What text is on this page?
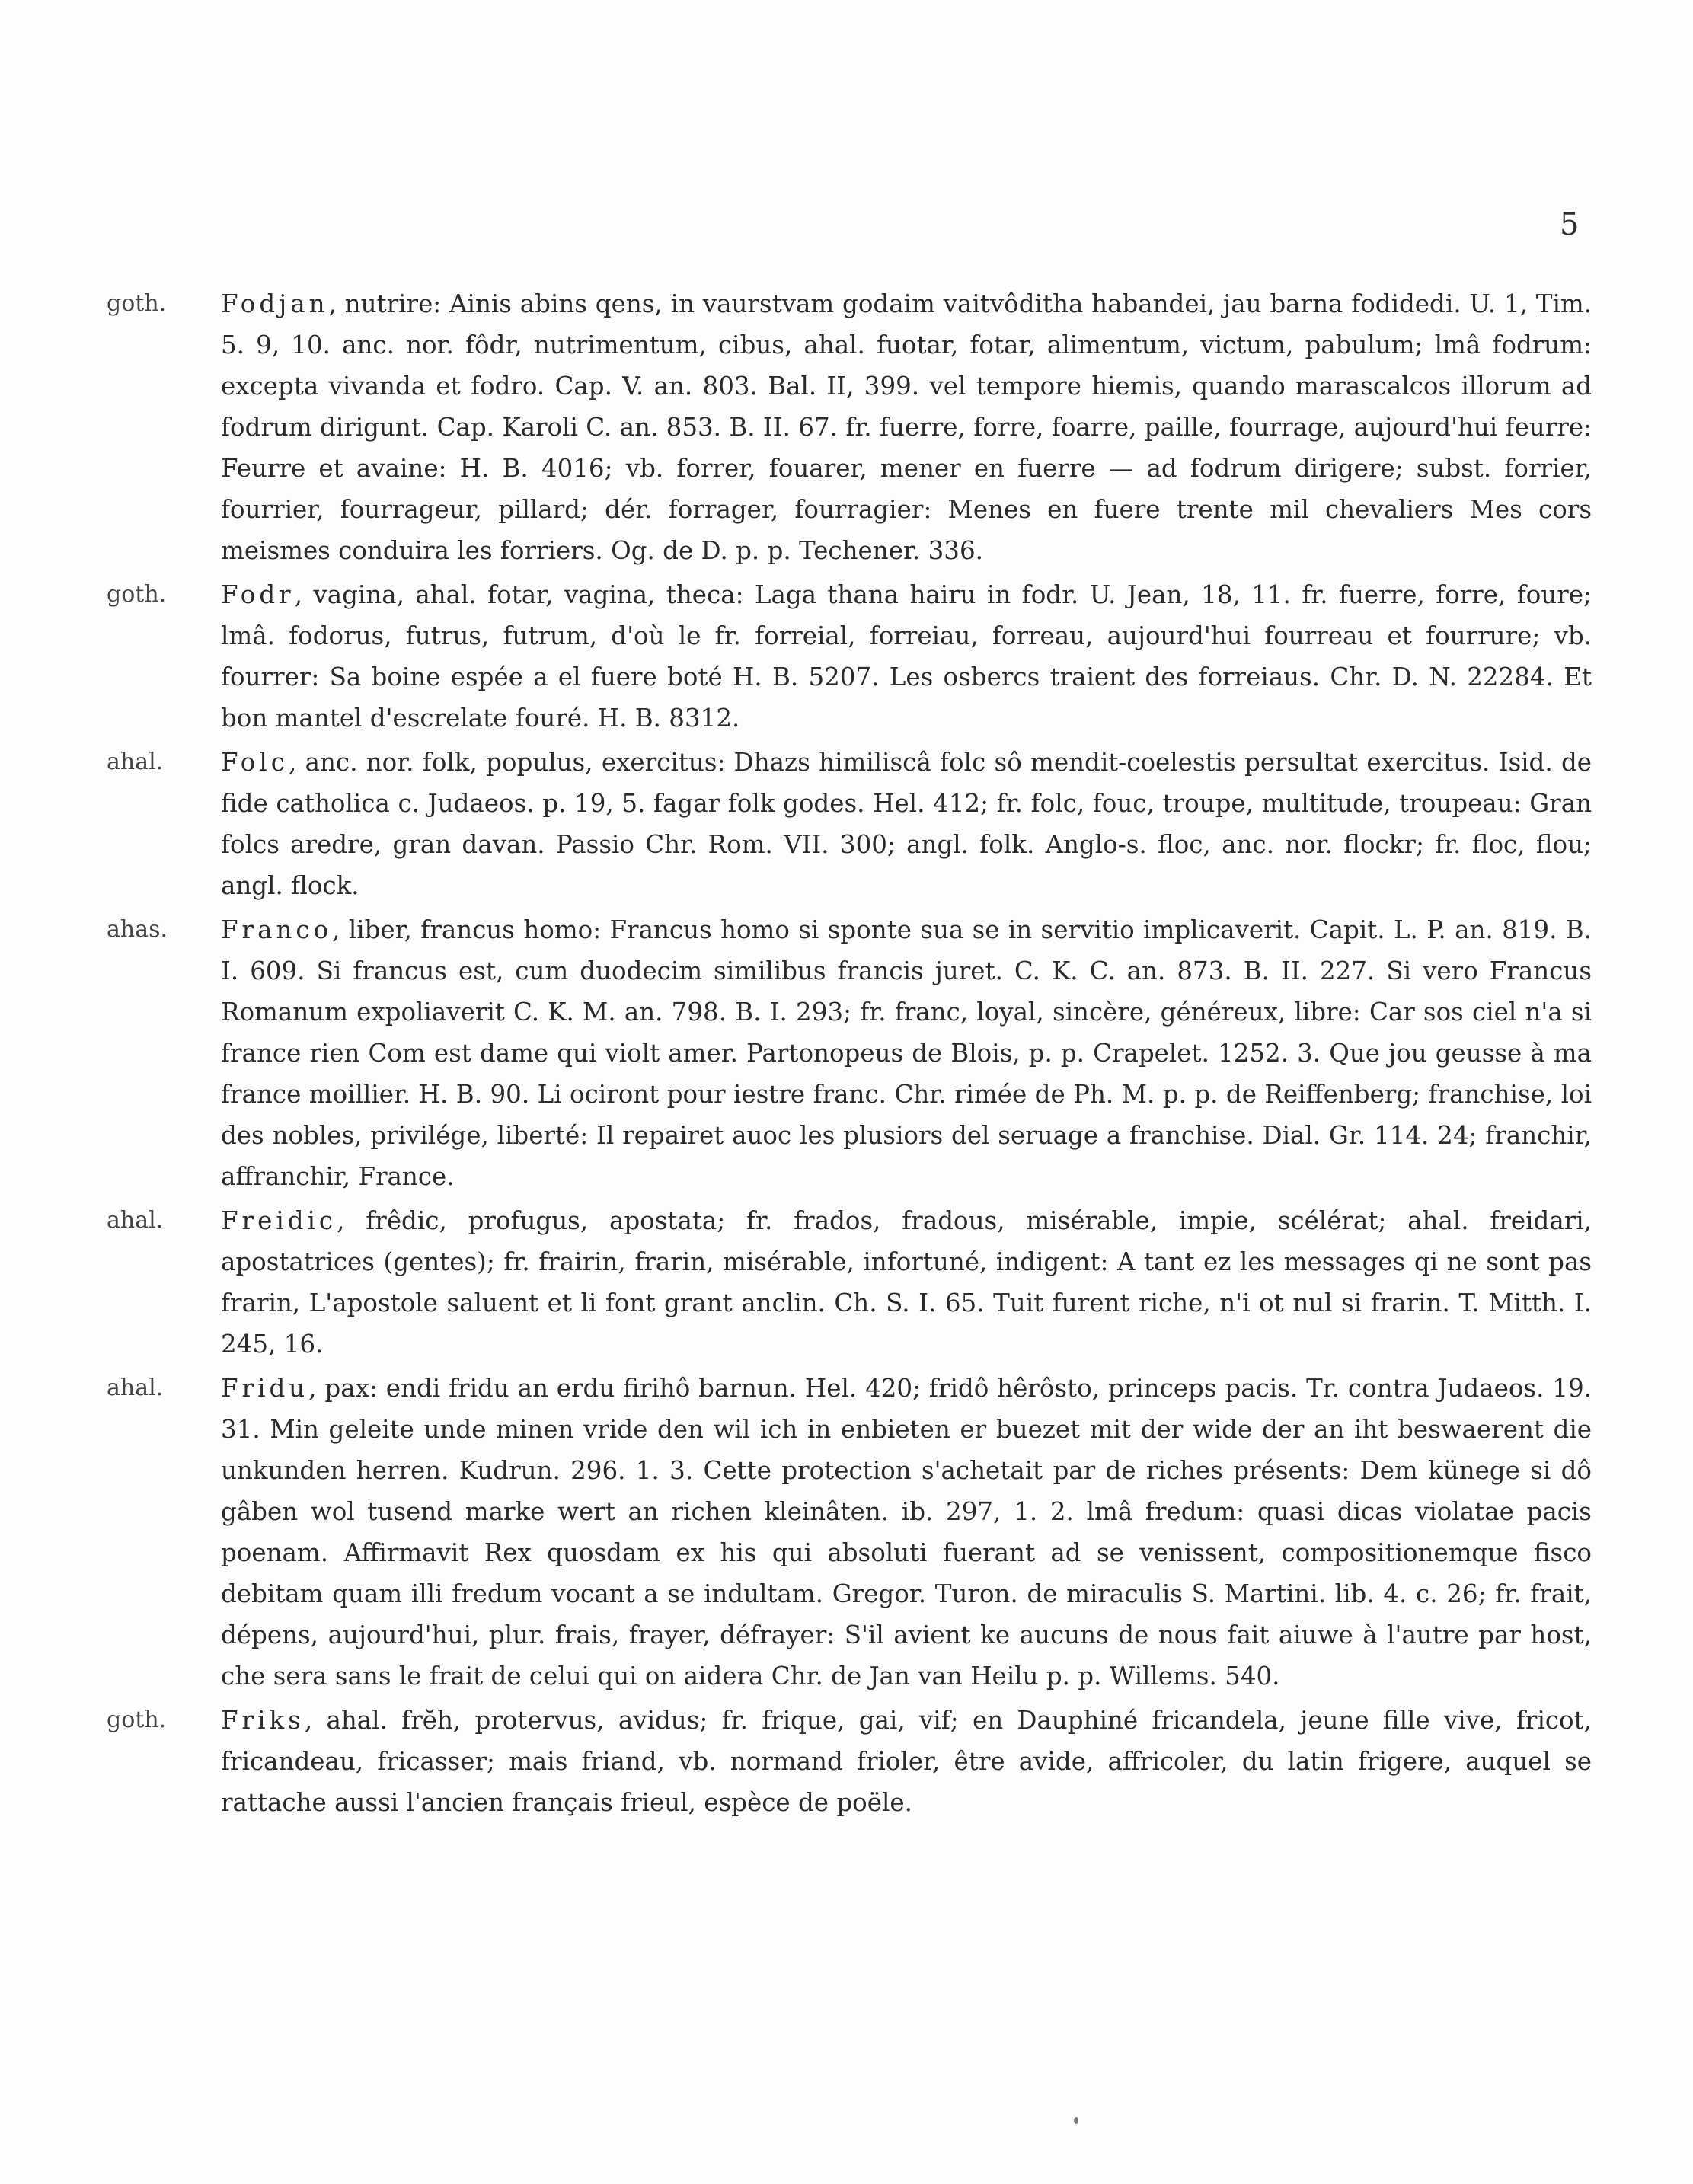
5
goth.	Fodjan, nutrire: Ainis abins qens, in vaurstvam godaim vaitvôditha habandei, jau barna fodidedi. U. 1, Tim. 5. 9, 10. anc. nor. fôdr, nutrimentum, cibus, ahal. fuotar, fotar, alimentum, victum, pabulum; lmâ fodrum: excepta vivanda et fodro. Cap. V. an. 803. Bal. II, 399. vel tempore hiemis, quando marascalcos illorum ad fodrum dirigunt. Cap. Karoli C. an. 853. B. II. 67. fr. fuerre, forre, foarre, paille, fourrage, aujourd'hui feurre: Feurre et avaine: H. B. 4016; vb. forrer, fouarer, mener en fuerre — ad fodrum dirigere; subst. forrier, fourrier, fourrageur, pillard; dér. forrager, fourragier: Menes en fuere trente mil chevaliers Mes cors meismes conduira les forriers. Og. de D. p. p. Techener. 336.
goth.	Fodr, vagina, ahal. fotar, vagina, theca: Laga thana hairu in fodr. U. Jean, 18, 11. fr. fuerre, forre, foure; lmâ. fodorus, futrus, futrum, d'où le fr. forreial, forreiau, forreau, aujourd'hui fourreau et fourrure; vb. fourrer: Sa boine espée a el fuere boté H. B. 5207. Les osbercs traient des forreiaus. Chr. D. N. 22284. Et bon mantel d'escrelate fouré. H. B. 8312.
ahal.	Folc, anc. nor. folk, populus, exercitus: Dhazs himiliscâ folc sô mendit-coelestis persultat exercitus. Isid. de fide catholica c. Judaeos. p. 19, 5. fagar folk godes. Hel. 412; fr. folc, fouc, troupe, multitude, troupeau: Gran folcs aredre, gran davan. Passio Chr. Rom. VII. 300; angl. folk. Anglo-s. floc, anc. nor. flockr; fr. floc, flou; angl. flock.
ahas.	Franco, liber, francus homo: Francus homo si sponte sua se in servitio implicaverit. Capit. L. P. an. 819. B. I. 609. Si francus est, cum duodecim similibus francis juret. C. K. C. an. 873. B. II. 227. Si vero Francus Romanum expoliaverit C. K. M. an. 798. B. I. 293; fr. franc, loyal, sincère, généreux, libre: Car sos ciel n'a si france rien Com est dame qui violt amer. Partonopeus de Blois, p. p. Crapelet. 1252. 3. Que jou geusse à ma france moillier. H. B. 90. Li ociront pour iestre franc. Chr. rimée de Ph. M. p. p. de Reiffenberg; franchise, loi des nobles, privilége, liberté: Il repairet auoc les plusiors del seruage a franchise. Dial. Gr. 114. 24; franchir, affranchir, France.
ahal.	Freidic, frêdic, profugus, apostata; fr. frados, fradous, misérable, impie, scélérat; ahal. freidari, apostatrices (gentes); fr. frairin, frarin, misérable, infortuné, indigent: A tant ez les messages qi ne sont pas frarin, L'apostole saluent et li font grant anclin. Ch. S. I. 65. Tuit furent riche, n'i ot nul si frarin. T. Mitth. I. 245, 16.
ahal.	Fridu, pax: endi fridu an erdu firihô barnun. Hel. 420; fridô hêrôsto, princeps pacis. Tr. contra Judaeos. 19. 31. Min geleite unde minen vride den wil ich in enbieten er buezet mit der wide der an iht beswaerent die unkunden herren. Kudrun. 296. 1. 3. Cette protection s'achetait par de riches présents: Dem künege si dô gâben wol tusend marke wert an richen kleinâten. ib. 297, 1. 2. lmâ fredum: quasi dicas violatae pacis poenam. Affirmavit Rex quosdam ex his qui absoluti fuerant ad se venissent, compositionemque fisco debitam quam illi fredum vocant a se indultam. Gregor. Turon. de miraculis S. Martini. lib. 4. c. 26; fr. frait, dépens, aujourd'hui, plur. frais, frayer, défrayer: S'il avient ke aucuns de nous fait aiuwe à l'autre par host, che sera sans le frait de celui qui on aidera Chr. de Jan van Heilu p. p. Willems. 540.
goth.	Friks, ahal. frĕh, protervus, avidus; fr. frique, gai, vif; en Dauphiné fricandela, jeune fille vive, fricot, fricandeau, fricasser; mais friand, vb. normand frioler, être avide, affricoler, du latin frigere, auquel se rattache aussi l'ancien français frieul, espèce de poële.
